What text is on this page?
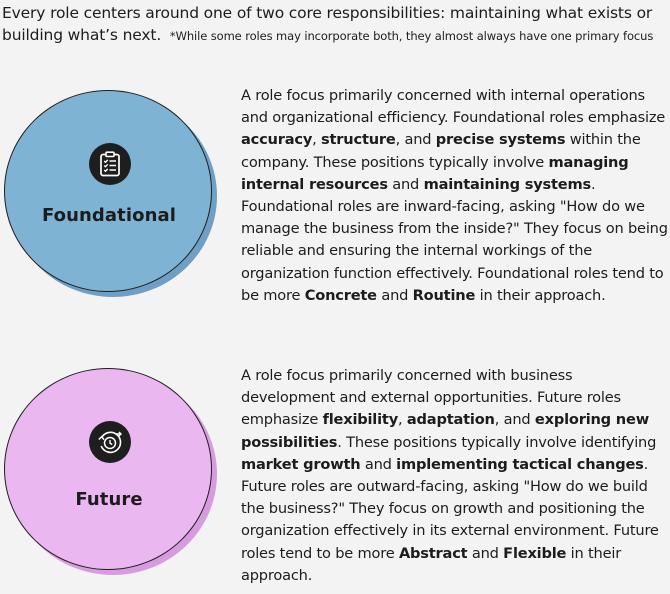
Every role centers around one of two core responsibilities: maintaining what exists or building what’s next. *While some roles may incorporate both, they almost always have one primary focus
Foundational
A role focus primarily concerned with internal operations and organizational efficiency. Foundational roles emphasize accuracy, structure, and precise systems within the company. These positions typically involve managing internal resources and maintaining systems. Foundational roles are inward-facing, asking "How do we manage the business from the inside?" They focus on being reliable and ensuring the internal workings of the organization function effectively. Foundational roles tend to be more Concrete and Routine in their approach.
Future
A role focus primarily concerned with business development and external opportunities. Future roles emphasize flexibility, adaptation, and exploring new possibilities. These positions typically involve identifying market growth and implementing tactical changes. Future roles are outward-facing, asking "How do we build the business?" They focus on growth and positioning the organization effectively in its external environment. Future roles tend to be more Abstract and Flexible in their approach.
